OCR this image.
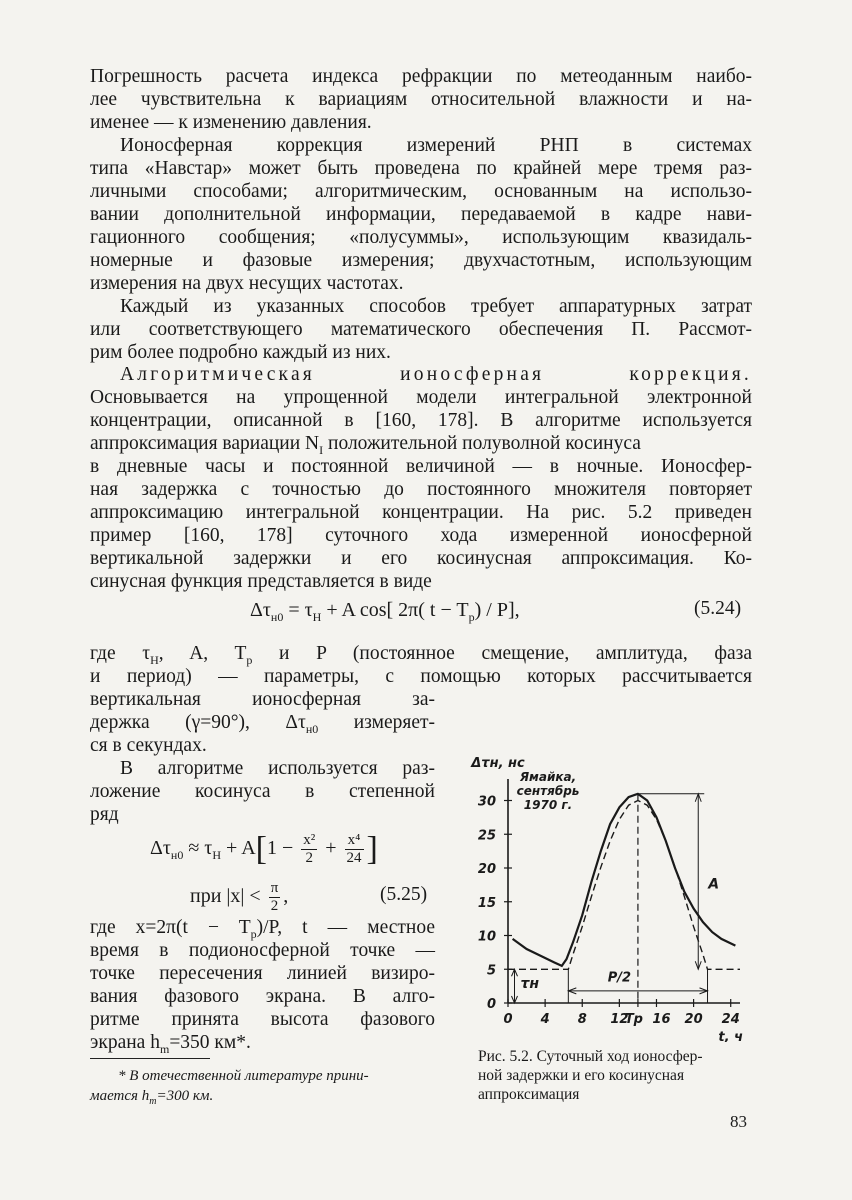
Погрешность расчета индекса рефракции по метеоданным наибо-
лее чувствительна к вариациям относительной влажности и на-
именее — к изменению давления.
Ионосферная коррекция измерений РНП в системах
типа «Навстар» может быть проведена по крайней мере тремя раз-
личными способами; алгоритмическим, основанным на использо-
вании дополнительной информации, передаваемой в кадре нави-
гационного сообщения; «полусуммы», использующим квазидаль-
номерные и фазовые измерения; двухчастотным, использующим
измерения на двух несущих частотах.
Каждый из указанных способов требует аппаратурных затрат
или соответствующего математического обеспечения П. Рассмот-
рим более подробно каждый из них.
Алгоритмическая ионосферная коррекция.
Основывается на упрощенной модели интегральной электронной
концентрации, описанной в [160, 178]. В алгоритме используется
аппроксимация вариации $N_I$ положительной полуволной косинуса
в дневные часы и постоянной величиной — в ночные. Ионосфер-
ная задержка с точностью до постоянного множителя повторяет
аппроксимацию интегральной концентрации. На рис. 5.2 приведен
пример [160, 178] суточного хода измеренной ионосферной
вертикальной задержки и его косинусная аппроксимация. Ко-
синусная функция представляется в виде
$\Delta\tau_{н0} = \tau_H + A$ cos[ 2π( $t - T_p) / P$],	(5.24)
где $\tau_H$, A, $T_p$ и P (постоянное смещение, амплитуда, фаза
и период) — параметры, с помощью которых рассчитывается
вертикальная ионосферная за-
держка (γ=90°), $\Delta\tau_{н0}$ измеряет-
ся в секундах.
В алгоритме используется раз-
ложение косинуса в степенной
ряд
$\Delta\tau_{н0} \approx \tau_H + A[1 - \frac{\text{x²}}{2} + \frac{\text{x⁴}}{24}$ ]
при $|x| < \frac{\pi}{2}$ ,	(5.25)
где $x=2\pi(t - T_p)/P$, t — местное
время в подионосферной точке —
точке пересечения линией визиро-
вания фазового экрана. В алго-
ритме принята высота фазового
экрана $h_m=350$ км*.
* В отечественной литературе прини-
мается $h_m=300$ км.
0
5
10
15
20
25
30
0 4 8 12
Tp 16 20 24
Δτн, нс
t, ч
Ямайка,
сентябрь
1970 г.
A
P/2
τн
Рис. 5.2. Суточный ход ионосфер-
ной задержки и его косинусная
аппроксимация
83
